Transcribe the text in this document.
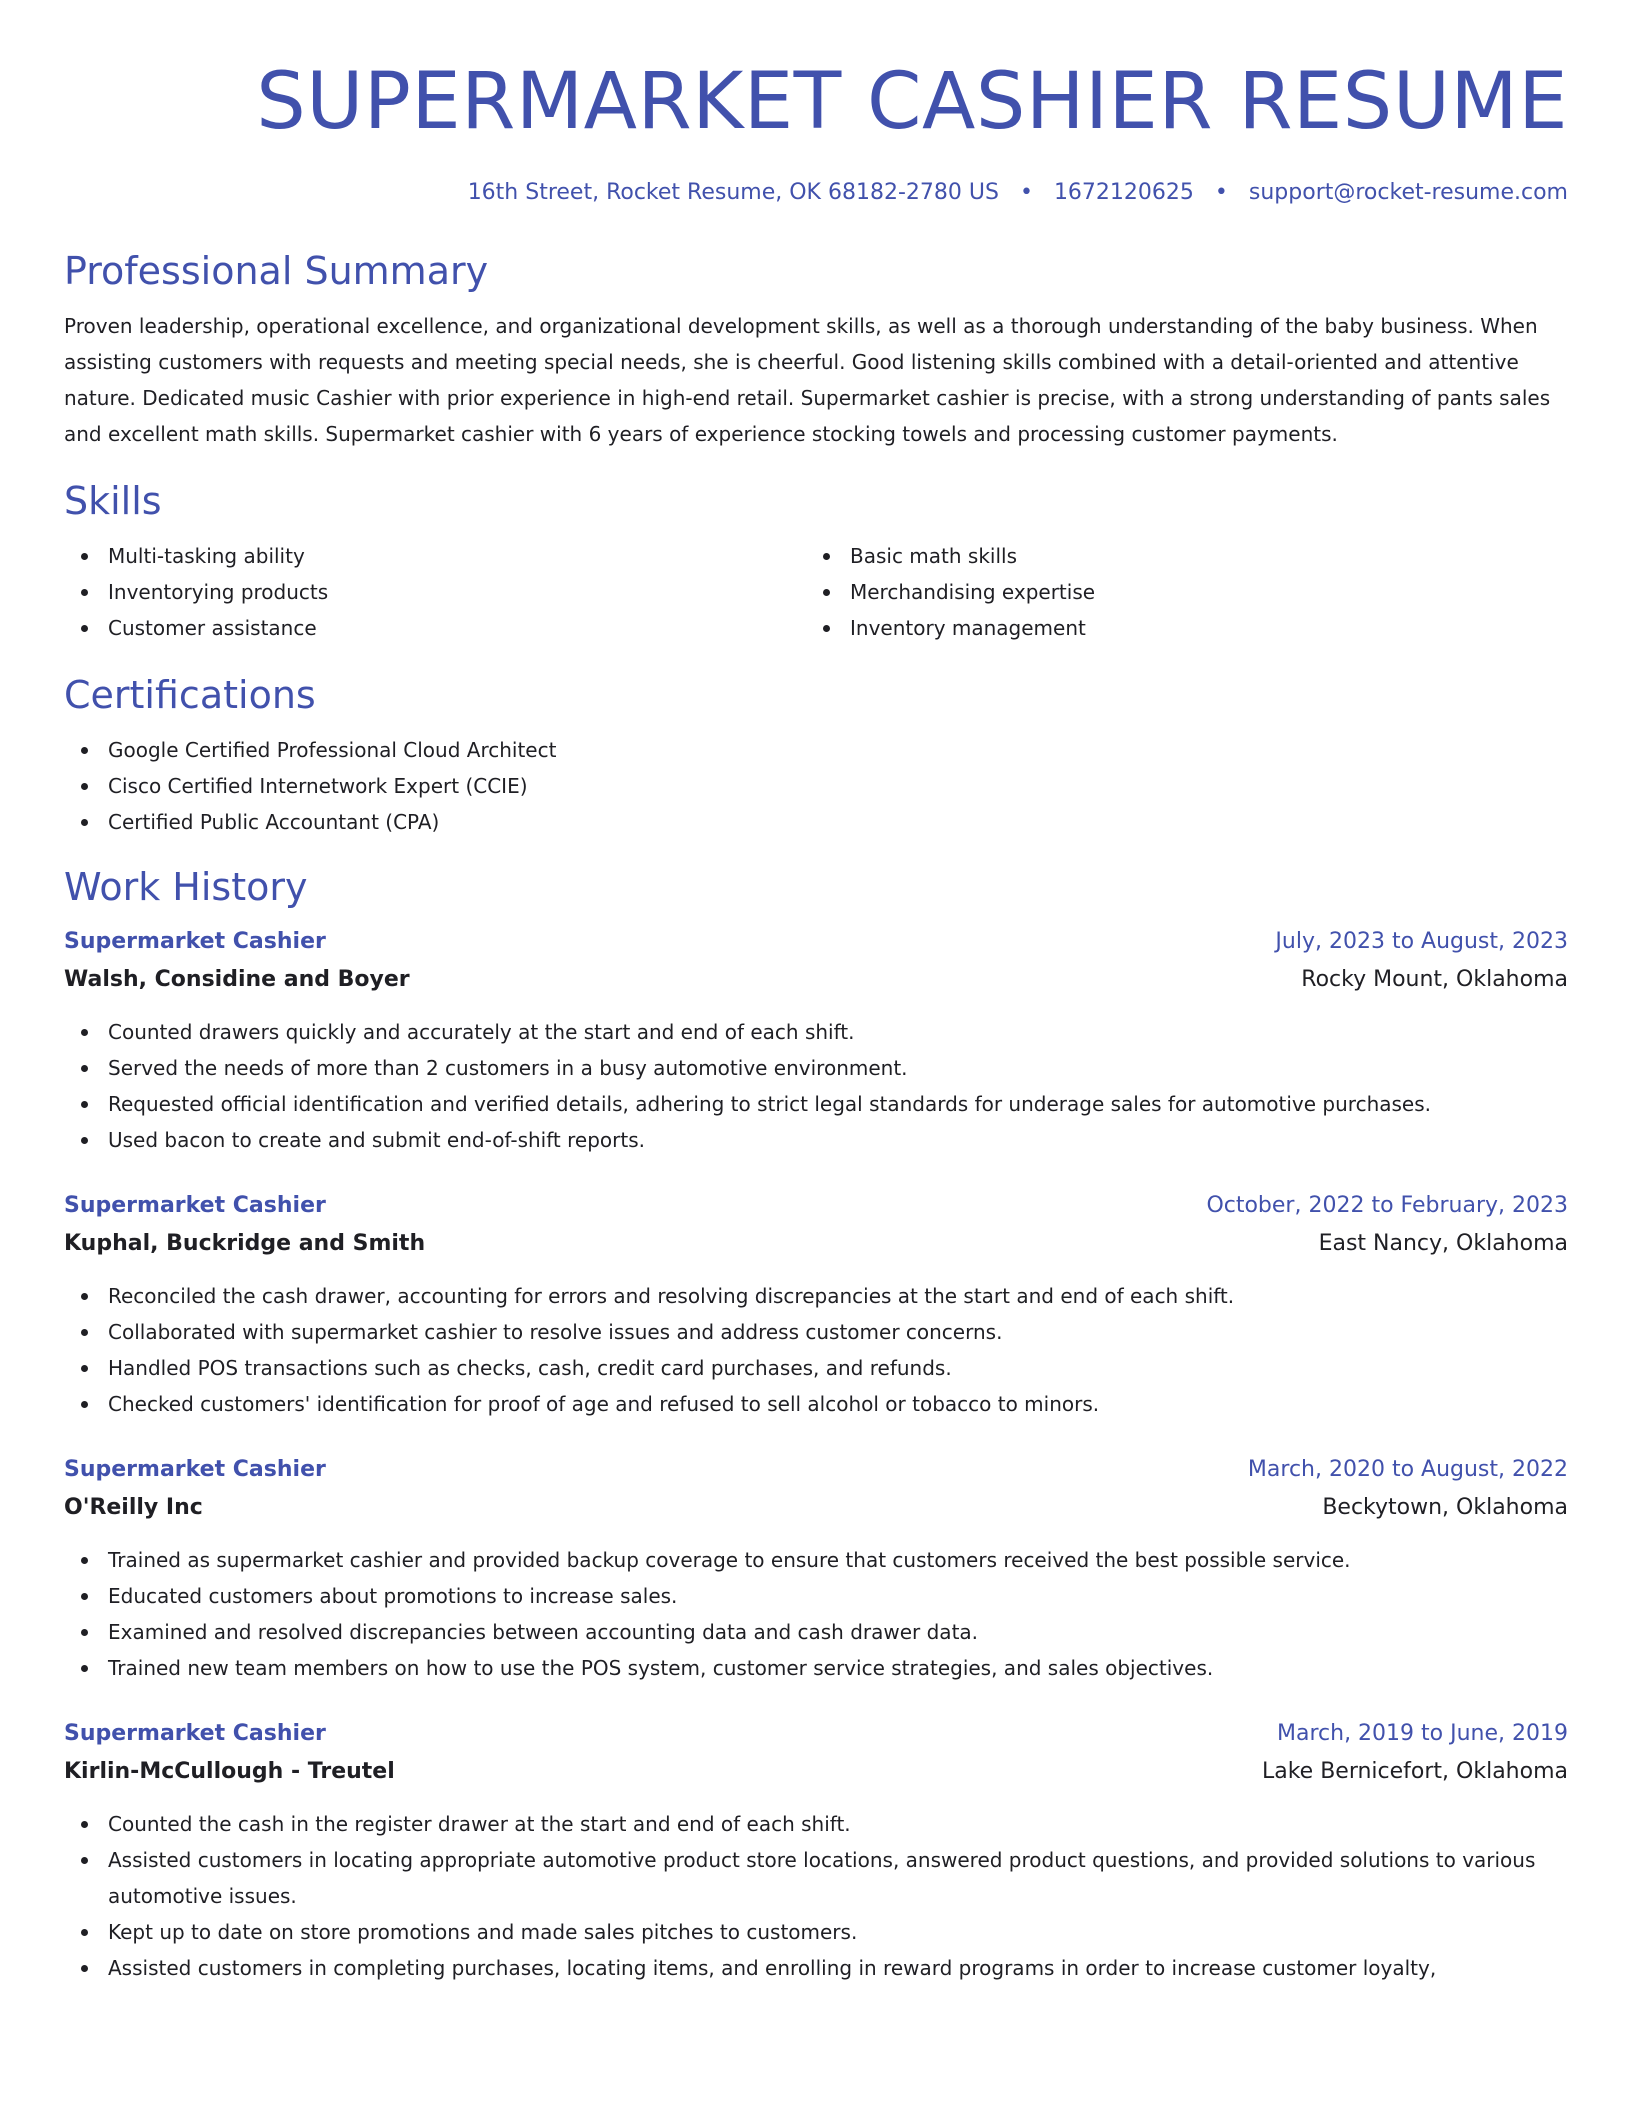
SUPERMARKET CASHIER RESUME
16th Street, Rocket Resume, OK 68182-2780 US • 1672120625 • support@rocket-resume.com
Professional Summary
Proven leadership, operational excellence, and organizational development skills, as well as a thorough understanding of the baby business. When assisting customers with requests and meeting special needs, she is cheerful. Good listening skills combined with a detail-oriented and attentive nature. Dedicated music Cashier with prior experience in high-end retail. Supermarket cashier is precise, with a strong understanding of pants sales and excellent math skills. Supermarket cashier with 6 years of experience stocking towels and processing customer payments.
Skills
Multi-tasking ability
Inventorying products
Customer assistance
Basic math skills
Merchandising expertise
Inventory management
Certifications
Google Certified Professional Cloud Architect
Cisco Certified Internetwork Expert (CCIE)
Certified Public Accountant (CPA)
Work History
Supermarket Cashier	July, 2023 to August, 2023
Walsh, Considine and Boyer	Rocky Mount, Oklahoma
Counted drawers quickly and accurately at the start and end of each shift.
Served the needs of more than 2 customers in a busy automotive environment.
Requested official identification and verified details, adhering to strict legal standards for underage sales for automotive purchases.
Used bacon to create and submit end-of-shift reports.
Supermarket Cashier	October, 2022 to February, 2023
Kuphal, Buckridge and Smith	East Nancy, Oklahoma
Reconciled the cash drawer, accounting for errors and resolving discrepancies at the start and end of each shift.
Collaborated with supermarket cashier to resolve issues and address customer concerns.
Handled POS transactions such as checks, cash, credit card purchases, and refunds.
Checked customers' identification for proof of age and refused to sell alcohol or tobacco to minors.
Supermarket Cashier	March, 2020 to August, 2022
O'Reilly Inc	Beckytown, Oklahoma
Trained as supermarket cashier and provided backup coverage to ensure that customers received the best possible service.
Educated customers about promotions to increase sales.
Examined and resolved discrepancies between accounting data and cash drawer data.
Trained new team members on how to use the POS system, customer service strategies, and sales objectives.
Supermarket Cashier	March, 2019 to June, 2019
Kirlin-McCullough - Treutel	Lake Bernicefort, Oklahoma
Counted the cash in the register drawer at the start and end of each shift.
Assisted customers in locating appropriate automotive product store locations, answered product questions, and provided solutions to various automotive issues.
Kept up to date on store promotions and made sales pitches to customers.
Assisted customers in completing purchases, locating items, and enrolling in reward programs in order to increase customer loyalty,
